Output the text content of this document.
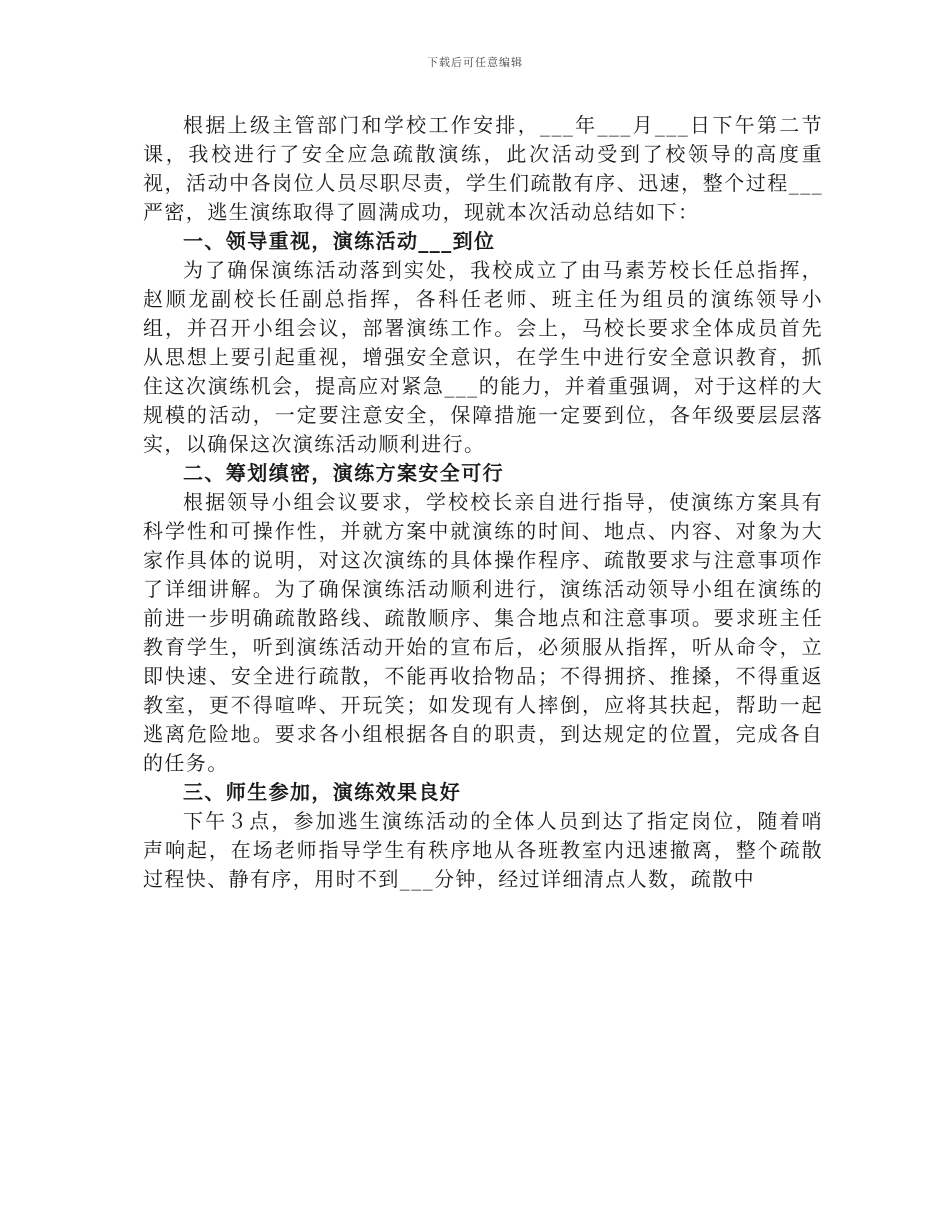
下载后可任意编辑

根据上级主管部门和学校工作安排，___年___月___日下午第二节课，我校进行了安全应急疏散演练，此次活动受到了校领导的高度重视，活动中各岗位人员尽职尽责，学生们疏散有序、迅速，整个过程___严密，逃生演练取得了圆满成功，现就本次活动总结如下：

一、领导重视，演练活动___到位

为了确保演练活动落到实处，我校成立了由马素芳校长任总指挥，赵顺龙副校长任副总指挥，各科任老师、班主任为组员的演练领导小组，并召开小组会议，部署演练工作。会上，马校长要求全体成员首先从思想上要引起重视，增强安全意识，在学生中进行安全意识教育，抓住这次演练机会，提高应对紧急___的能力，并着重强调，对于这样的大规模的活动，一定要注意安全，保障措施一定要到位，各年级要层层落实，以确保这次演练活动顺利进行。

二、筹划缜密，演练方案安全可行

根据领导小组会议要求，学校校长亲自进行指导，使演练方案具有科学性和可操作性，并就方案中就演练的时间、地点、内容、对象为大家作具体的说明，对这次演练的具体操作程序、疏散要求与注意事项作了详细讲解。为了确保演练活动顺利进行，演练活动领导小组在演练的前进一步明确疏散路线、疏散顺序、集合地点和注意事项。要求班主任教育学生，听到演练活动开始的宣布后，必须服从指挥，听从命令，立即快速、安全进行疏散，不能再收拾物品；不得拥挤、推搡，不得重返教室，更不得喧哗、开玩笑；如发现有人摔倒，应将其扶起，帮助一起逃离危险地。要求各小组根据各自的职责，到达规定的位置，完成各自的任务。

三、师生参加，演练效果良好

下午３点，参加逃生演练活动的全体人员到达了指定岗位，随着哨声响起，在场老师指导学生有秩序地从各班教室内迅速撤离，整个疏散过程快、静有序，用时不到___分钟，经过详细清点人数，疏散中
